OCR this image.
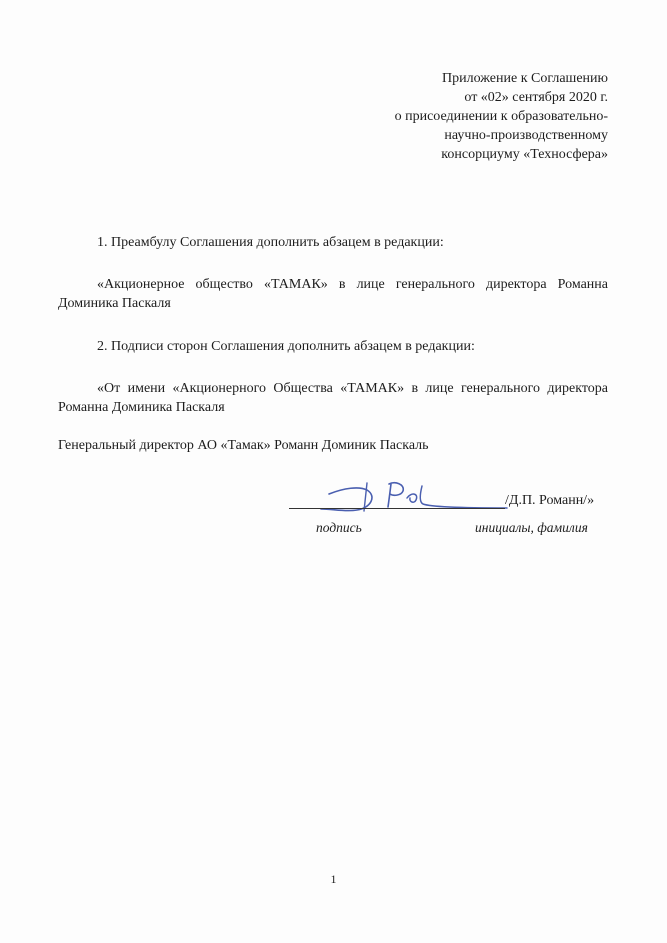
Приложение к Соглашению
от «02» сентября 2020 г.
о присоединении к образовательно-
научно-производственному
консорциуму «Техносфера»
1. Преамбулу Соглашения дополнить абзацем в редакции:
«Акционерное общество «ТАМАК» в лице генерального директора Романна Доминика Паскаля
2. Подписи сторон Соглашения дополнить абзацем в редакции:
«От имени «Акционерного Общества «ТАМАК» в лице генерального директора Романна Доминика Паскаля
Генеральный директор АО «Тамак» Романн Доминик Паскаль
/Д.П. Романн/»
подпись	инициалы, фамилия
1
